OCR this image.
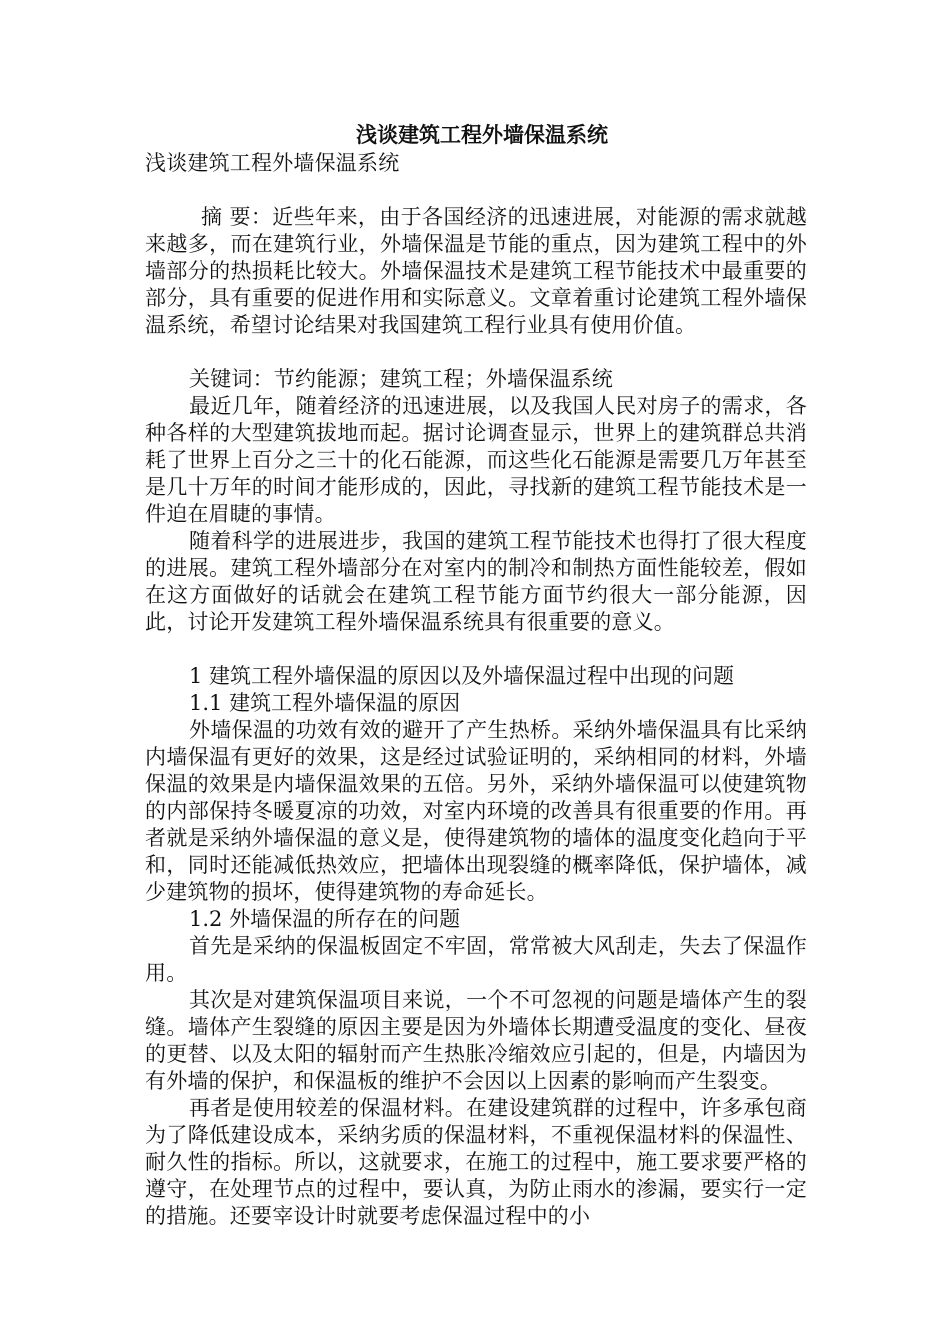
浅谈建筑工程外墙保温系统

浅谈建筑工程外墙保温系统

摘 要：近些年来，由于各国经济的迅速进展，对能源的需求就越来越多，而在建筑行业，外墙保温是节能的重点，因为建筑工程中的外墙部分的热损耗比较大。外墙保温技术是建筑工程节能技术中最重要的部分，具有重要的促进作用和实际意义。文章着重讨论建筑工程外墙保温系统，希望讨论结果对我国建筑工程行业具有使用价值。

关键词：节约能源；建筑工程；外墙保温系统

最近几年，随着经济的迅速进展，以及我国人民对房子的需求，各种各样的大型建筑拔地而起。据讨论调查显示，世界上的建筑群总共消耗了世界上百分之三十的化石能源，而这些化石能源是需要几万年甚至是几十万年的时间才能形成的，因此，寻找新的建筑工程节能技术是一件迫在眉睫的事情。

随着科学的进展进步，我国的建筑工程节能技术也得打了很大程度的进展。建筑工程外墙部分在对室内的制冷和制热方面性能较差，假如在这方面做好的话就会在建筑工程节能方面节约很大一部分能源，因此，讨论开发建筑工程外墙保温系统具有很重要的意义。

1 建筑工程外墙保温的原因以及外墙保温过程中出现的问题

1.1 建筑工程外墙保温的原因

外墙保温的功效有效的避开了产生热桥。采纳外墙保温具有比采纳内墙保温有更好的效果，这是经过试验证明的，采纳相同的材料，外墙保温的效果是内墙保温效果的五倍。另外，采纳外墙保温可以使建筑物的内部保持冬暖夏凉的功效，对室内环境的改善具有很重要的作用。再者就是采纳外墙保温的意义是，使得建筑物的墙体的温度变化趋向于平和，同时还能减低热效应，把墙体出现裂缝的概率降低，保护墙体，减少建筑物的损坏，使得建筑物的寿命延长。

1.2 外墙保温的所存在的问题

首先是采纳的保温板固定不牢固，常常被大风刮走，失去了保温作用。

其次是对建筑保温项目来说，一个不可忽视的问题是墙体产生的裂缝。墙体产生裂缝的原因主要是因为外墙体长期遭受温度的变化、昼夜的更替、以及太阳的辐射而产生热胀冷缩效应引起的，但是，内墙因为有外墙的保护，和保温板的维护不会因以上因素的影响而产生裂变。

再者是使用较差的保温材料。在建设建筑群的过程中，许多承包商为了降低建设成本，采纳劣质的保温材料，不重视保温材料的保温性、耐久性的指标。所以，这就要求，在施工的过程中，施工要求要严格的遵守，在处理节点的过程中，要认真，为防止雨水的渗漏，要实行一定的措施。还要宰设计时就要考虑保温过程中的小
